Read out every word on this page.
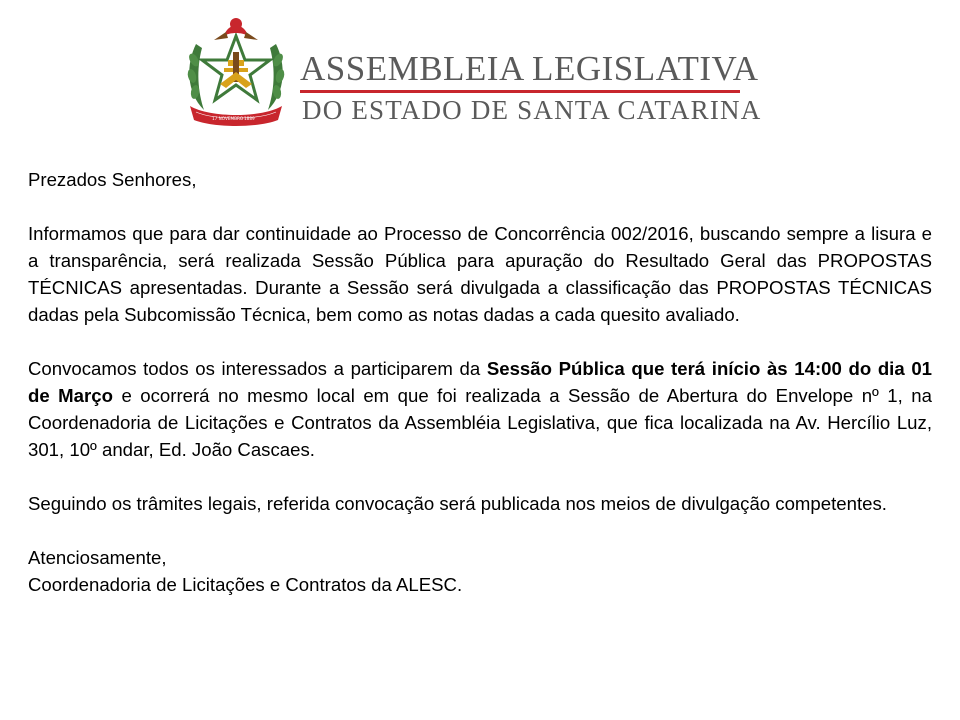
17 NOVEMBRO 1889
ASSEMBLEIA LEGISLATIVA
DO ESTADO DE SANTA CATARINA

Prezados Senhores,

Informamos que para dar continuidade ao Processo de Concorrência 002/2016, buscando sempre a lisura e a transparência, será realizada Sessão Pública para apuração do Resultado Geral das PROPOSTAS TÉCNICAS apresentadas. Durante a Sessão será divulgada a classificação das PROPOSTAS TÉCNICAS dadas pela Subcomissão Técnica, bem como as notas dadas a cada quesito avaliado.

Convocamos todos os interessados a participarem da Sessão Pública que terá início às 14:00 do dia 01 de Março e ocorrerá no mesmo local em que foi realizada a Sessão de Abertura do Envelope nº 1, na Coordenadoria de Licitações e Contratos da Assembléia Legislativa, que fica localizada na Av. Hercílio Luz, 301, 10º andar, Ed. João Cascaes.

Seguindo os trâmites legais, referida convocação será publicada nos meios de divulgação competentes.

Atenciosamente,
Coordenadoria de Licitações e Contratos da ALESC.
